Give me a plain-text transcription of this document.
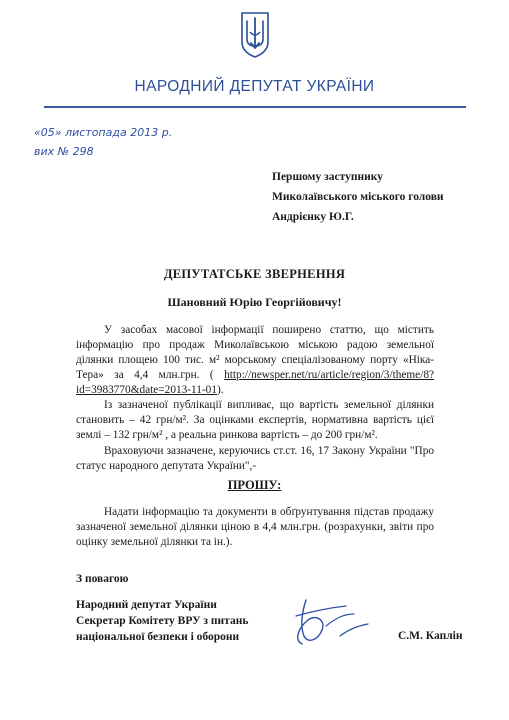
НАРОДНИЙ ДЕПУТАТ УКРАЇНИ
«05» листопада 2013 р.
вих № 298
Першому заступнику
Миколаївського міського голови
Андрієнку Ю.Г.
ДЕПУТАТСЬКЕ ЗВЕРНЕННЯ
Шановний Юрію Георгійовичу!

У засобах масової інформації поширено статтю, що містить інформацію про продаж Миколаївською міською радою земельної ділянки площею 100 тис. м² морському спеціалізованому порту «Ніка-Тера» за 4,4 млн.грн. ( http://newsper.net/ru/article/region/3/theme/8?id=3983770&date=2013-11-01).

Із зазначеної публікації випливає, що вартість земельної ділянки становить – 42 грн/м². За оцінками експертів, нормативна вартість цієї землі – 132 грн/м² , а реальна ринкова вартість – до 200 грн/м².

Враховуючи зазначене, керуючись ст.ст. 16, 17 Закону України "Про статус народного депутата України",-

ПРОШУ:

Надати інформацію та документи в обґрунтування підстав продажу зазначеної земельної ділянки ціною в 4,4 млн.грн. (розрахунки, звіти про оцінку земельної ділянки та ін.).

З повагою
Народний депутат України
Секретар Комітету ВРУ з питань
національної безпеки і оборони	С.М. Каплін
